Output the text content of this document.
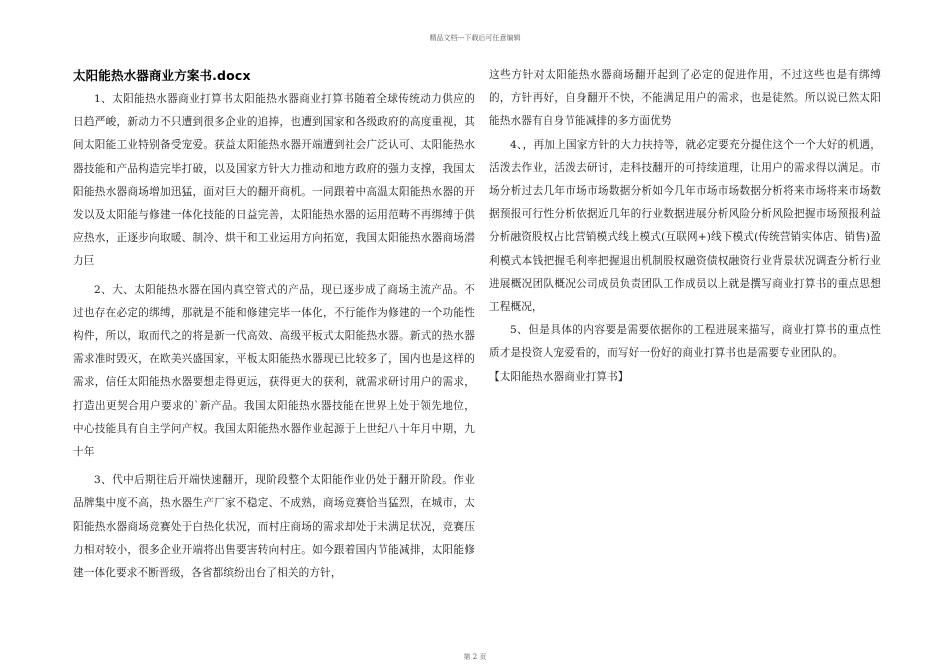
精品文档---下载后可任意编辑
太阳能热水器商业方案书.docx

1、太阳能热水器商业打算书太阳能热水器商业打算书随着全球传统动力供应的日趋严峻，新动力不只遭到很多企业的追捧，也遭到国家和各级政府的高度重视，其间太阳能工业特别备受宠爱。获益太阳能热水器开端遭到社会广泛认可、太阳能热水器技能和产品构造完毕打破，以及国家方针大力推动和地方政府的强力支撑，我国太阳能热水器商场增加迅猛，面对巨大的翻开商机。一同跟着中高温太阳能热水器的开发以及太阳能与修建一体化技能的日益完善，太阳能热水器的运用范畴不再绑缚于供应热水，正逐步向取暖、制冷、烘干和工业运用方向拓宽，我国太阳能热水器商场潜力巨

2、大、太阳能热水器在国内真空管式的产品，现已逐步成了商场主流产品。不过也存在必定的绑缚，那就是不能和修建完毕一体化，不行能作为修建的一个功能性构件，所以，取而代之的将是新一代高效、高级平板式太阳能热水器。新式的热水器需求准时毁灭，在欧美兴盛国家，平板太阳能热水器现已比较多了，国内也是这样的需求，信任太阳能热水器要想走得更远，获得更大的获利，就需求研讨用户的需求，打造出更契合用户要求的`新产品。我国太阳能热水器技能在世界上处于领先地位，中心技能具有自主学问产权。我国太阳能热水器作业起源于上世纪八十年月中期，九十年

3、代中后期往后开端快速翻开，现阶段整个太阳能作业仍处于翻开阶段。作业品牌集中度不高，热水器生产厂家不稳定、不成熟，商场竞赛恰当猛烈，在城市，太阳能热水器商场竞赛处于白热化状况，而村庄商场的需求却处于未满足状况，竞赛压力相对较小，很多企业开端将出售要害转向村庄。如今跟着国内节能减排，太阳能修建一体化要求不断晋级，各省都缤纷出台了相关的方针，

这些方针对太阳能热水器商场翻开起到了必定的促进作用，不过这些也是有绑缚的，方针再好，自身翻开不快，不能满足用户的需求，也是徒然。所以说已然太阳能热水器有自身节能减排的多方面优势

4、，再加上国家方针的大力扶持等，就必定要充分提住这个一个大好的机遇，活泼去作业，活泼去研讨，走科技翻开的可持续道理，让用户的需求得以满足。市场分析过去几年市场市场数据分析如今几年市场市场数据分析将来市场将来市场数据预报可行性分析依据近几年的行业数据进展分析风险分析风险把握市场预报利益分析融资股权占比营销模式线上模式(互联网+)线下模式(传统营销实体店、销售)盈利模式本钱把握毛利率把握退出机制股权融资债权融资行业背景状况调查分析行业进展概况团队概况公司成员负责团队工作成员以上就是撰写商业打算书的重点思想工程概况，

5、但是具体的内容要是需要依据你的工程进展来描写，商业打算书的重点性质才是投资人宠爱看的，而写好一份好的商业打算书也是需要专业团队的。

【太阳能热水器商业打算书】

第 2 页
